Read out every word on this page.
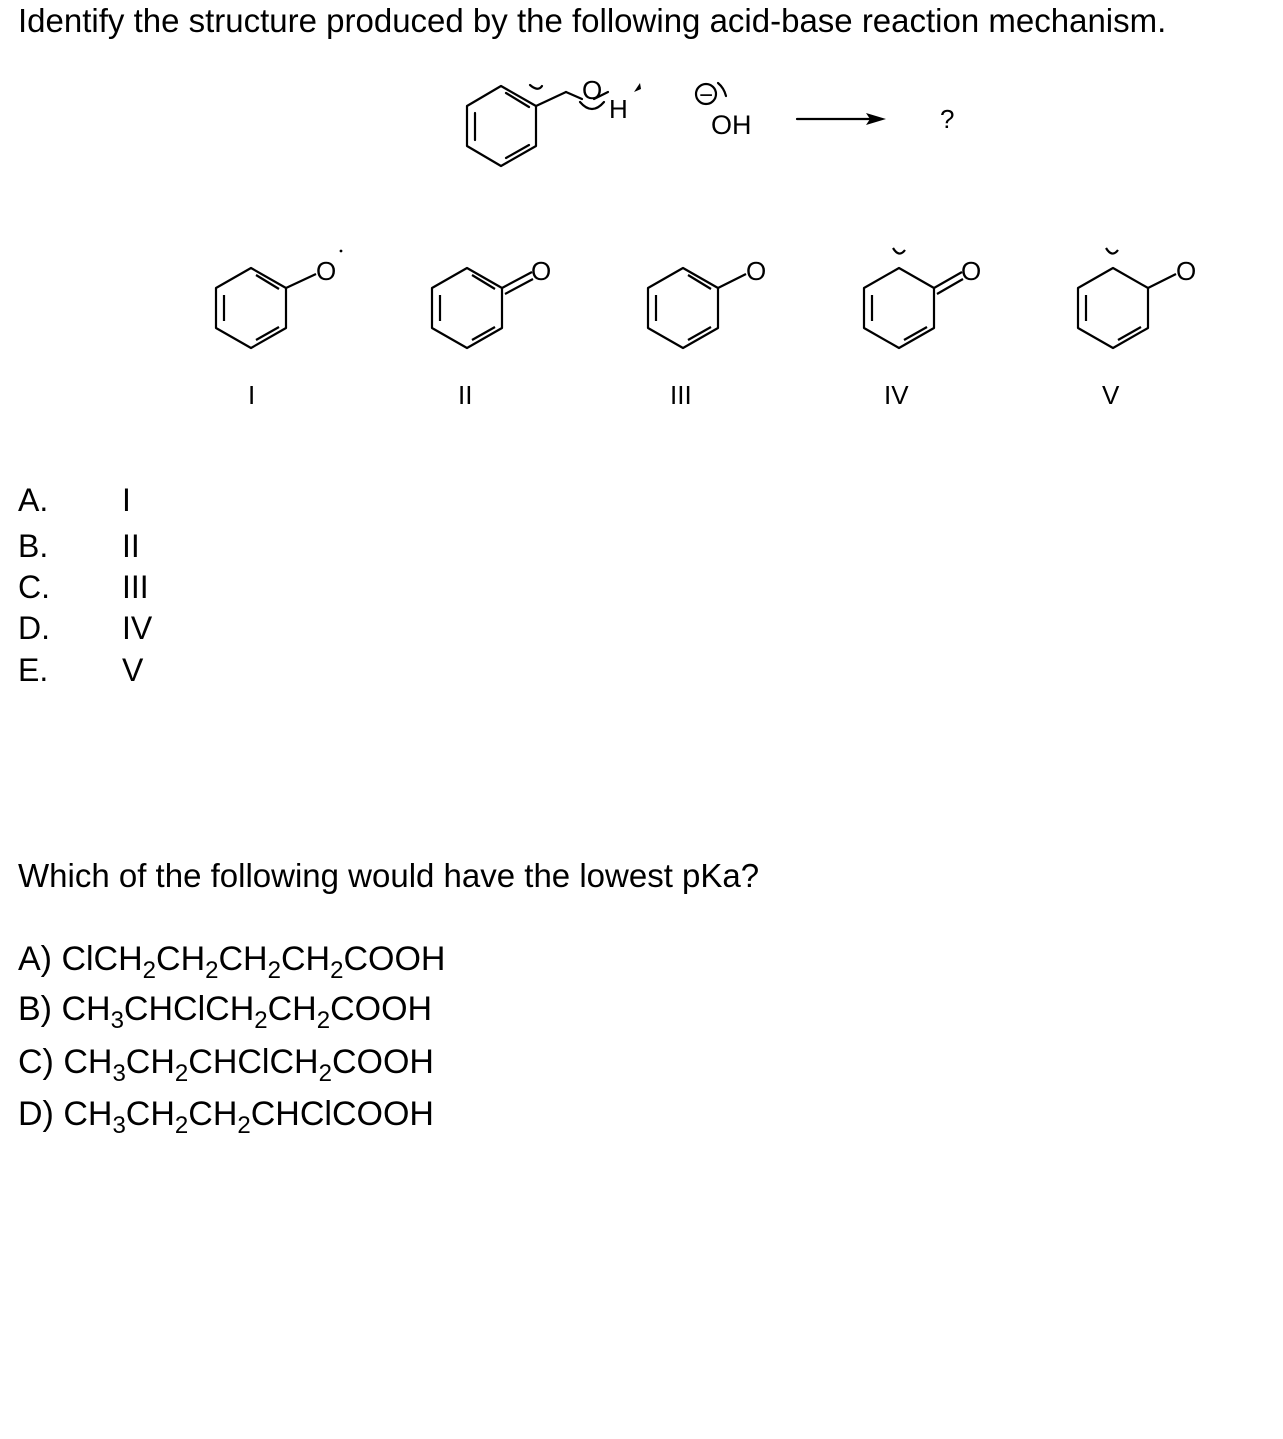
Identify the structure produced by the following acid-base reaction mechanism.
O
H	−
OH	?
O
I
O
II
O
III
O
IV
O
V
A. I
B. II
C. III
D. IV
E. V
Which of the following would have the lowest pKa?
A) $ClCH_2CH_2CH_2CH_2COOH$
B) $CH_3CHClCH_2CH_2COOH$
C) $CH_3CH_2CHClCH_2COOH$
D) $CH_3CH_2CH_2CHClCOOH$
